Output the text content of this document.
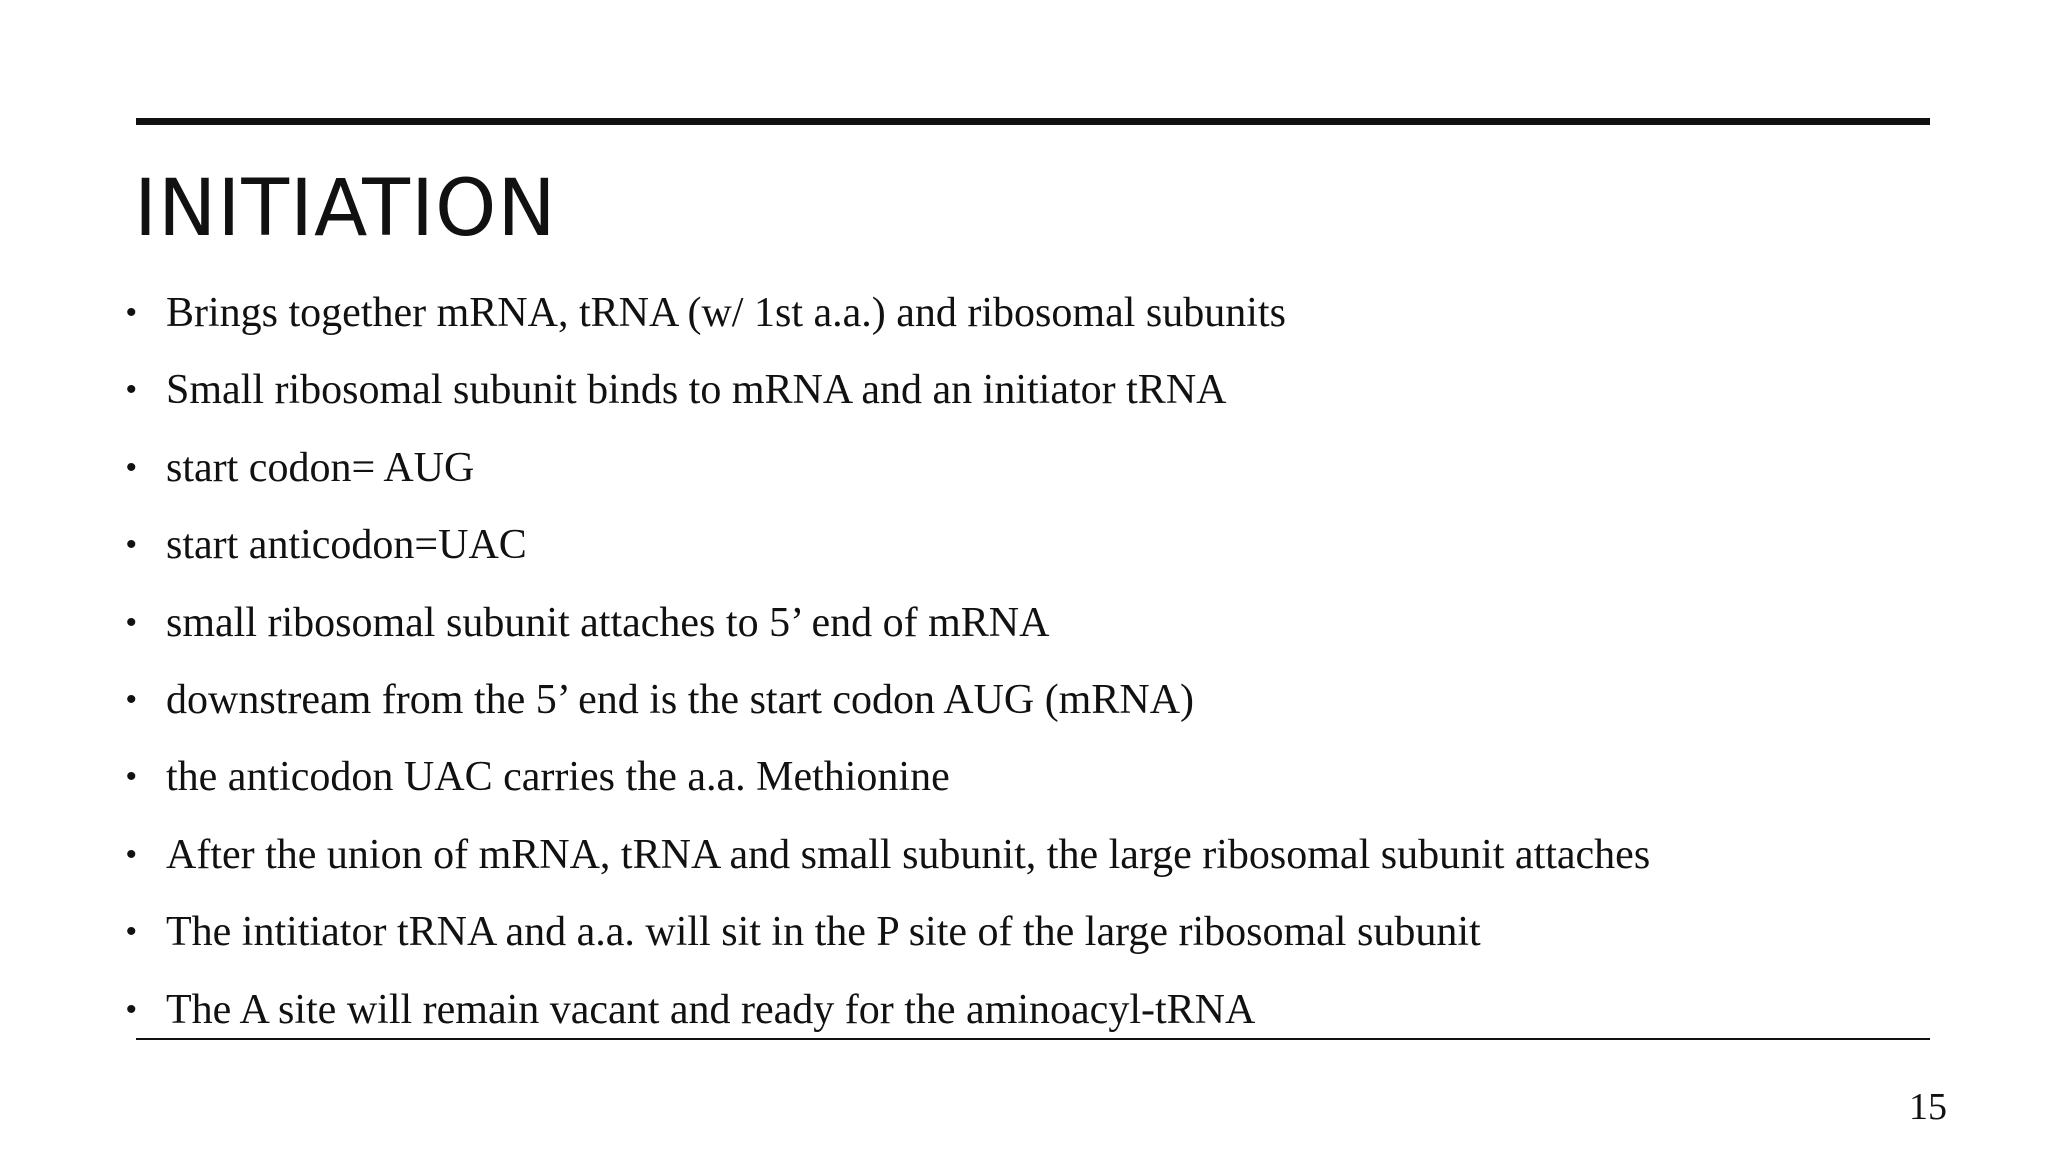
INITIATION
• Brings together mRNA, tRNA (w/ 1st a.a.) and ribosomal subunits
• Small ribosomal subunit binds to mRNA and an initiator tRNA
• start codon= AUG
• start anticodon=UAC
• small ribosomal subunit attaches to 5’ end of mRNA
• downstream from the 5’ end is the start codon AUG (mRNA)
• the anticodon UAC carries the a.a. Methionine
• After the union of mRNA, tRNA and small subunit, the large ribosomal subunit attaches
• The intitiator tRNA and a.a. will sit in the P site of the large ribosomal subunit
• The A site will remain vacant and ready for the aminoacyl-tRNA
15
